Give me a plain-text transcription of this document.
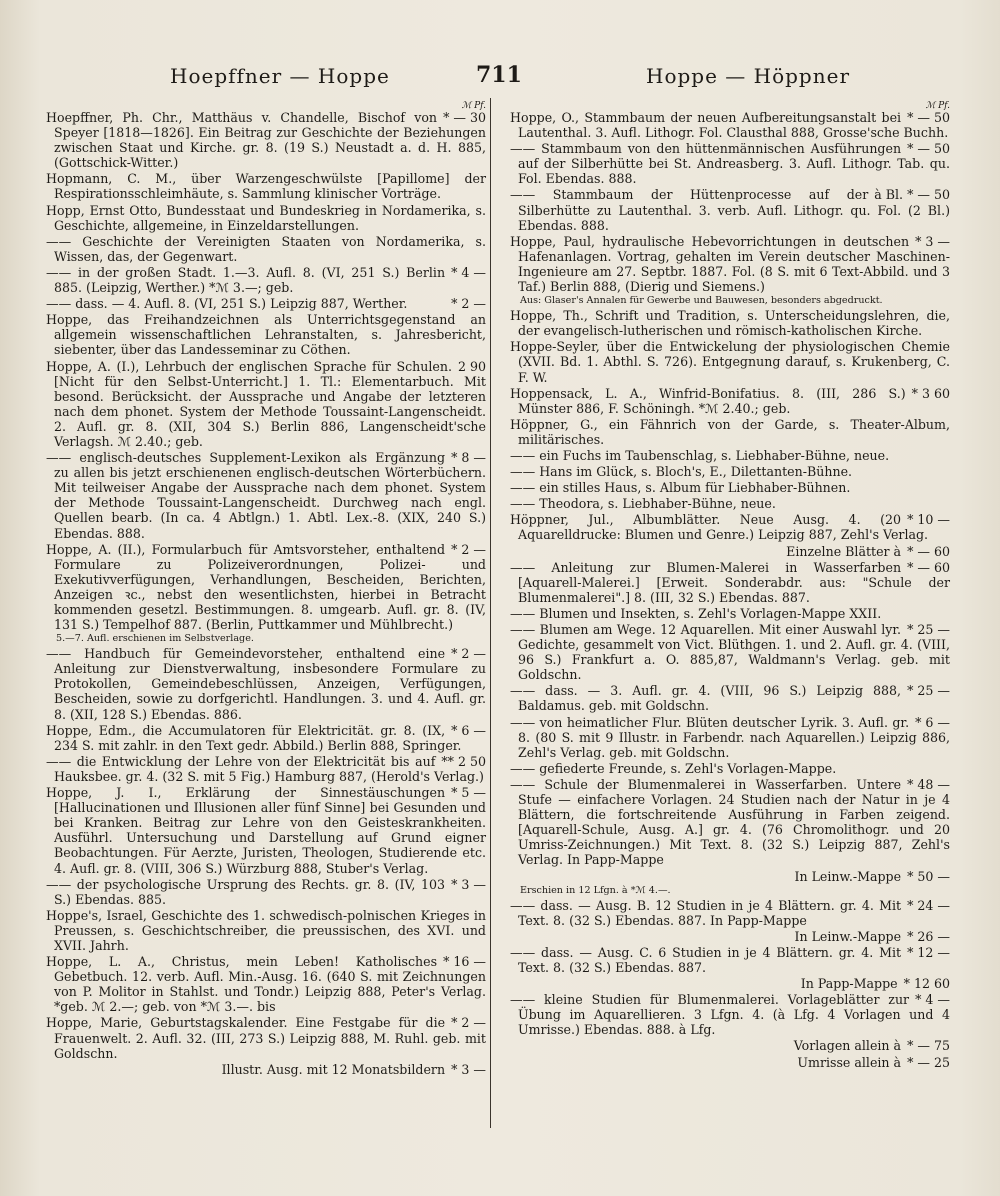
Hoepffner — Hoppe	711	Hoppe — Höppner
ℳ Pf.
* — 30
Hoepffner, Ph. Chr., Matthäus v. Chandelle, Bischof von Speyer [1818—1826]. Ein Beitrag zur Geschichte der Beziehungen zwischen Staat und Kirche. gr. 8. (19 S.) Neustadt a. d. H. 885, (Gottschick-Witter.)
Hopmann, C. M., über Warzengeschwülste [Papillome] der Respirationsschleimhäute, s. Sammlung klinischer Vorträge.
Hopp, Ernst Otto, Bundesstaat und Bundeskrieg in Nordamerika, s. Geschichte, allgemeine, in Einzeldarstellungen.
—— Geschichte der Vereinigten Staaten von Nordamerika, s. Wissen, das, der Gegenwart.
* 4 —
—— in der großen Stadt. 1.—3. Aufl. 8. (VI, 251 S.) Berlin 885. (Leipzig, Werther.) *ℳ 3.—; geb.
* 2 —
—— dass. — 4. Aufl. 8. (VI, 251 S.) Leipzig 887, Werther.
Hoppe, das Freihandzeichnen als Unterrichtsgegenstand an allgemein wissenschaftlichen Lehranstalten, s. Jahresbericht, siebenter, über das Landesseminar zu Cöthen.
2 90
Hoppe, A. (I.), Lehrbuch der englischen Sprache für Schulen. [Nicht für den Selbst-Unterricht.] 1. Tl.: Elementarbuch. Mit besond. Berücksicht. der Aussprache und Angabe der letzteren nach dem phonet. System der Methode Toussaint-Langenscheidt. 2. Aufl. gr. 8. (XII, 304 S.) Berlin 886, Langenscheidt'sche Verlagsh. ℳ 2.40.; geb.
* 8 —
—— englisch-deutsches Supplement-Lexikon als Ergänzung zu allen bis jetzt erschienenen englisch-deutschen Wörterbüchern. Mit teilweiser Angabe der Aussprache nach dem phonet. System der Methode Toussaint-Langenscheidt. Durchweg nach engl. Quellen bearb. (In ca. 4 Abtlgn.) 1. Abtl. Lex.-8. (XIX, 240 S.) Ebendas. 888.
* 2 —
Hoppe, A. (II.), Formularbuch für Amtsvorsteher, enthaltend Formulare zu Polizeiverordnungen, Polizei- und Exekutivverfügungen, Verhandlungen, Bescheiden, Berichten, Anzeigen ꝛc., nebst den wesentlichsten, hierbei in Betracht kommenden gesetzl. Bestimmungen. 8. umgearb. Aufl. gr. 8. (IV, 131 S.) Tempelhof 887. (Berlin, Puttkammer und Mühlbrecht.)
5.—7. Aufl. erschienen im Selbstverlage.
* 2 —
—— Handbuch für Gemeindevorsteher, enthaltend eine Anleitung zur Dienstverwaltung, insbesondere Formulare zu Protokollen, Gemeindebeschlüssen, Anzeigen, Verfügungen, Bescheiden, sowie zu dorfgerichtl. Handlungen. 3. und 4. Aufl. gr. 8. (XII, 128 S.) Ebendas. 886.
* 6 —
Hoppe, Edm., die Accumulatoren für Elektricität. gr. 8. (IX, 234 S. mit zahlr. in den Text gedr. Abbild.) Berlin 888, Springer.
** 2 50
—— die Entwicklung der Lehre von der Elektricität bis auf Hauksbee. gr. 4. (32 S. mit 5 Fig.) Hamburg 887, (Herold's Verlag.)
* 5 —
Hoppe, J. I., Erklärung der Sinnestäuschungen [Hallucinationen und Illusionen aller fünf Sinne] bei Gesunden und bei Kranken. Beitrag zur Lehre von den Geisteskrankheiten. Ausführl. Untersuchung und Darstellung auf Grund eigner Beobachtungen. Für Aerzte, Juristen, Theologen, Studierende etc. 4. Aufl. gr. 8. (VIII, 306 S.) Würzburg 888, Stuber's Verlag.
* 3 —
—— der psychologische Ursprung des Rechts. gr. 8. (IV, 103 S.) Ebendas. 885.
Hoppe's, Israel, Geschichte des 1. schwedisch-polnischen Krieges in Preussen, s. Geschichtschreiber, die preussischen, des XVI. und XVII. Jahrh.
* 16 —
Hoppe, L. A., Christus, mein Leben! Katholisches Gebetbuch. 12. verb. Aufl. Min.-Ausg. 16. (640 S. mit Zeichnungen von P. Molitor in Stahlst. und Tondr.) Leipzig 888, Peter's Verlag. *geb. ℳ 2.—; geb. von *ℳ 3.—. bis
* 2 —
Hoppe, Marie, Geburtstagskalender. Eine Festgabe für die Frauenwelt. 2. Aufl. 32. (III, 273 S.) Leipzig 888, M. Ruhl. geb. mit Goldschn.
* 3 —
Illustr. Ausg. mit 12 Monatsbildern
ℳ Pf.
* — 50
Hoppe, O., Stammbaum der neuen Aufbereitungsanstalt bei Lautenthal. 3. Aufl. Lithogr. Fol. Clausthal 888, Grosse'sche Buchh.
* — 50
—— Stammbaum von den hüttenmännischen Ausführungen auf der Silberhütte bei St. Andreasberg. 3. Aufl. Lithogr. Tab. qu. Fol. Ebendas. 888.
à Bl. * — 50
—— Stammbaum der Hüttenprocesse auf der Silberhütte zu Lautenthal. 3. verb. Aufl. Lithogr. qu. Fol. (2 Bl.) Ebendas. 888.
* 3 —
Hoppe, Paul, hydraulische Hebevorrichtungen in deutschen Hafenanlagen. Vortrag, gehalten im Verein deutscher Maschinen-Ingenieure am 27. Septbr. 1887. Fol. (8 S. mit 6 Text-Abbild. und 3 Taf.) Berlin 888, (Dierig und Siemens.)
Aus: Glaser's Annalen für Gewerbe und Bauwesen, besonders abgedruckt.
Hoppe, Th., Schrift und Tradition, s. Unterscheidungslehren, die, der evangelisch-lutherischen und römisch-katholischen Kirche.
Hoppe-Seyler, über die Entwickelung der physiologischen Chemie (XVII. Bd. 1. Abthl. S. 726). Entgegnung darauf, s. Krukenberg, C. F. W.
* 3 60
Hoppensack, L. A., Winfrid-Bonifatius. 8. (III, 286 S.) Münster 886, F. Schöningh. *ℳ 2.40.; geb.
Höppner, G., ein Fähnrich von der Garde, s. Theater-Album, militärisches.
—— ein Fuchs im Taubenschlag, s. Liebhaber-Bühne, neue.
—— Hans im Glück, s. Bloch's, E., Dilettanten-Bühne.
—— ein stilles Haus, s. Album für Liebhaber-Bühnen.
—— Theodora, s. Liebhaber-Bühne, neue.
* 10 —
Höppner, Jul., Albumblätter. Neue Ausg. 4. (20 Aquarelldrucke: Blumen und Genre.) Leipzig 887, Zehl's Verlag.
* — 60
Einzelne Blätter à
* — 60
—— Anleitung zur Blumen-Malerei in Wasserfarben [Aquarell-Malerei.] [Erweit. Sonderabdr. aus: "Schule der Blumenmalerei".] 8. (III, 32 S.) Ebendas. 887.
—— Blumen und Insekten, s. Zehl's Vorlagen-Mappe XXII.
* 25 —
—— Blumen am Wege. 12 Aquarellen. Mit einer Auswahl lyr. Gedichte, gesammelt von Vict. Blüthgen. 1. und 2. Aufl. gr. 4. (VIII, 96 S.) Frankfurt a. O. 885,87, Waldmann's Verlag. geb. mit Goldschn.
* 25 —
—— dass. — 3. Aufl. gr. 4. (VIII, 96 S.) Leipzig 888, Baldamus. geb. mit Goldschn.
* 6 —
—— von heimatlicher Flur. Blüten deutscher Lyrik. 3. Aufl. gr. 8. (80 S. mit 9 Illustr. in Farbendr. nach Aquarellen.) Leipzig 886, Zehl's Verlag. geb. mit Goldschn.
—— gefiederte Freunde, s. Zehl's Vorlagen-Mappe.
* 48 —
—— Schule der Blumenmalerei in Wasserfarben. Untere Stufe — einfachere Vorlagen. 24 Studien nach der Natur in je 4 Blättern, die fortschreitende Ausführung in Farben zeigend. [Aquarell-Schule, Ausg. A.] gr. 4. (76 Chromolithogr. und 20 Umriss-Zeichnungen.) Mit Text. 8. (32 S.) Leipzig 887, Zehl's Verlag. In Papp-Mappe
* 50 —
In Leinw.-Mappe
Erschien in 12 Lfgn. à *ℳ 4.—.
* 24 —
—— dass. — Ausg. B. 12 Studien in je 4 Blättern. gr. 4. Mit Text. 8. (32 S.) Ebendas. 887. In Papp-Mappe
* 26 —
In Leinw.-Mappe
* 12 —
—— dass. — Ausg. C. 6 Studien in je 4 Blättern. gr. 4. Mit Text. 8. (32 S.) Ebendas. 887.
* 12 60
In Papp-Mappe
* 4 —
—— kleine Studien für Blumenmalerei. Vorlageblätter zur Übung im Aquarellieren. 3 Lfgn. 4. (à Lfg. 4 Vorlagen und 4 Umrisse.) Ebendas. 888. à Lfg.
* — 75
Vorlagen allein à
* — 25
Umrisse allein à
